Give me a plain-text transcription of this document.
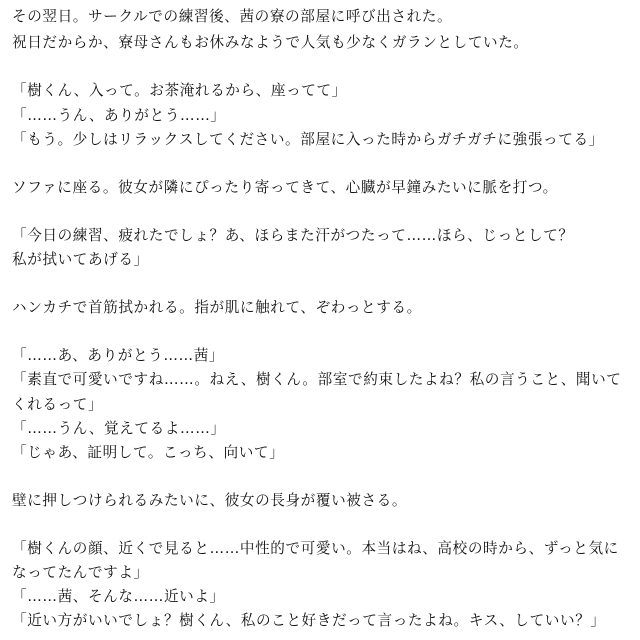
その翌日。サークルでの練習後、茜の寮の部屋に呼び出された。
祝日だからか、寮母さんもお休みなようで人気も少なくガランとしていた。
「樹くん、入って。お茶淹れるから、座ってて」
「……うん、ありがとう……」
「もう。少しはリラックスしてください。部屋に入った時からガチガチに強張ってる」
ソファに座る。彼女が隣にぴったり寄ってきて、心臓が早鐘みたいに脈を打つ。
「今日の練習、疲れたでしょ？あ、ほらまた汗がつたって……ほら、じっとして？
私が拭いてあげる」
ハンカチで首筋拭かれる。指が肌に触れて、ぞわっとする。
「……あ、ありがとう……茜」
「素直で可愛いですね……。ねえ、樹くん。部室で約束したよね？私の言うこと、聞いて
くれるって」
「……うん、覚えてるよ……」
「じゃあ、証明して。こっち、向いて」
壁に押しつけられるみたいに、彼女の長身が覆い被さる。
「樹くんの顔、近くで見ると……中性的で可愛い。本当はね、高校の時から、ずっと気に
なってたんですよ」
「……茜、そんな……近いよ」
「近い方がいいでしょ？樹くん、私のこと好きだって言ったよね。キス、していい？」
